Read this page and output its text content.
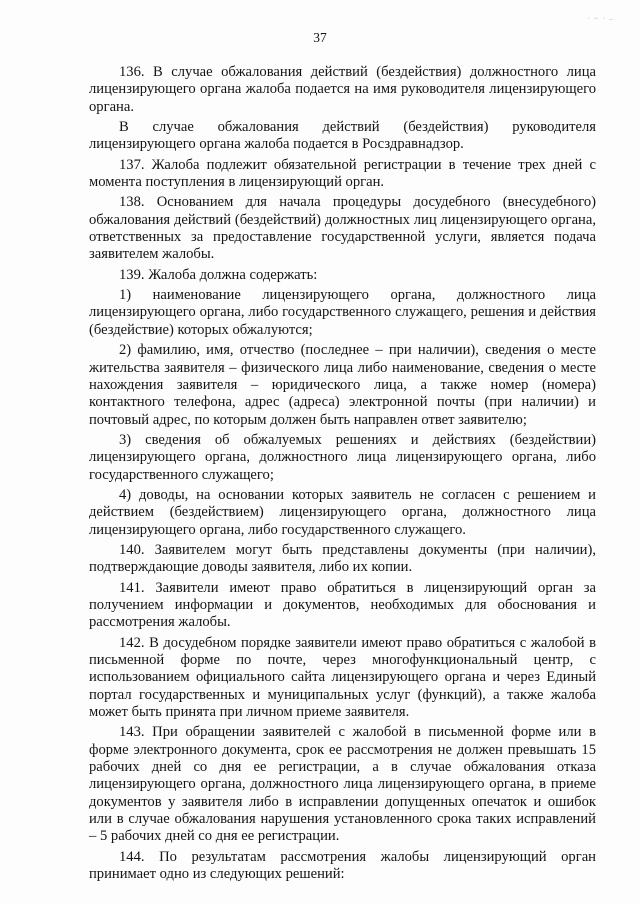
· ~ · –
37

136. В случае обжалования действий (бездействия) должностного лица лицензирующего органа жалоба подается на имя руководителя лицензирующего органа.

В случае обжалования действий (бездействия) руководителя лицензирующего органа жалоба подается в Росздравнадзор.

137. Жалоба подлежит обязательной регистрации в течение трех дней с момента поступления в лицензирующий орган.

138. Основанием для начала процедуры досудебного (внесудебного) обжалования действий (бездействий) должностных лиц лицензирующего органа, ответственных за предоставление государственной услуги, является подача заявителем жалобы.

139. Жалоба должна содержать:

1) наименование лицензирующего органа, должностного лица лицензирующего органа, либо государственного служащего, решения и действия (бездействие) которых обжалуются;

2) фамилию, имя, отчество (последнее – при наличии), сведения о месте жительства заявителя – физического лица либо наименование, сведения о месте нахождения заявителя – юридического лица, а также номер (номера) контактного телефона, адрес (адреса) электронной почты (при наличии) и почтовый адрес, по которым должен быть направлен ответ заявителю;

3) сведения об обжалуемых решениях и действиях (бездействии) лицензирующего органа, должностного лица лицензирующего органа, либо государственного служащего;

4) доводы, на основании которых заявитель не согласен с решением и действием (бездействием) лицензирующего органа, должностного лица лицензирующего органа, либо государственного служащего.

140. Заявителем могут быть представлены документы (при наличии), подтверждающие доводы заявителя, либо их копии.

141. Заявители имеют право обратиться в лицензирующий орган за получением информации и документов, необходимых для обоснования и рассмотрения жалобы.

142. В досудебном порядке заявители имеют право обратиться с жалобой в письменной форме по почте, через многофункциональный центр, с использованием официального сайта лицензирующего органа и через Единый портал государственных и муниципальных услуг (функций), а также жалоба может быть принята при личном приеме заявителя.

143. При обращении заявителей с жалобой в письменной форме или в форме электронного документа, срок ее рассмотрения не должен превышать 15 рабочих дней со дня ее регистрации, а в случае обжалования отказа лицензирующего органа, должностного лица лицензирующего органа, в приеме документов у заявителя либо в исправлении допущенных опечаток и ошибок или в случае обжалования нарушения установленного срока таких исправлений – 5 рабочих дней со дня ее регистрации.

144. По результатам рассмотрения жалобы лицензирующий орган принимает одно из следующих решений:
